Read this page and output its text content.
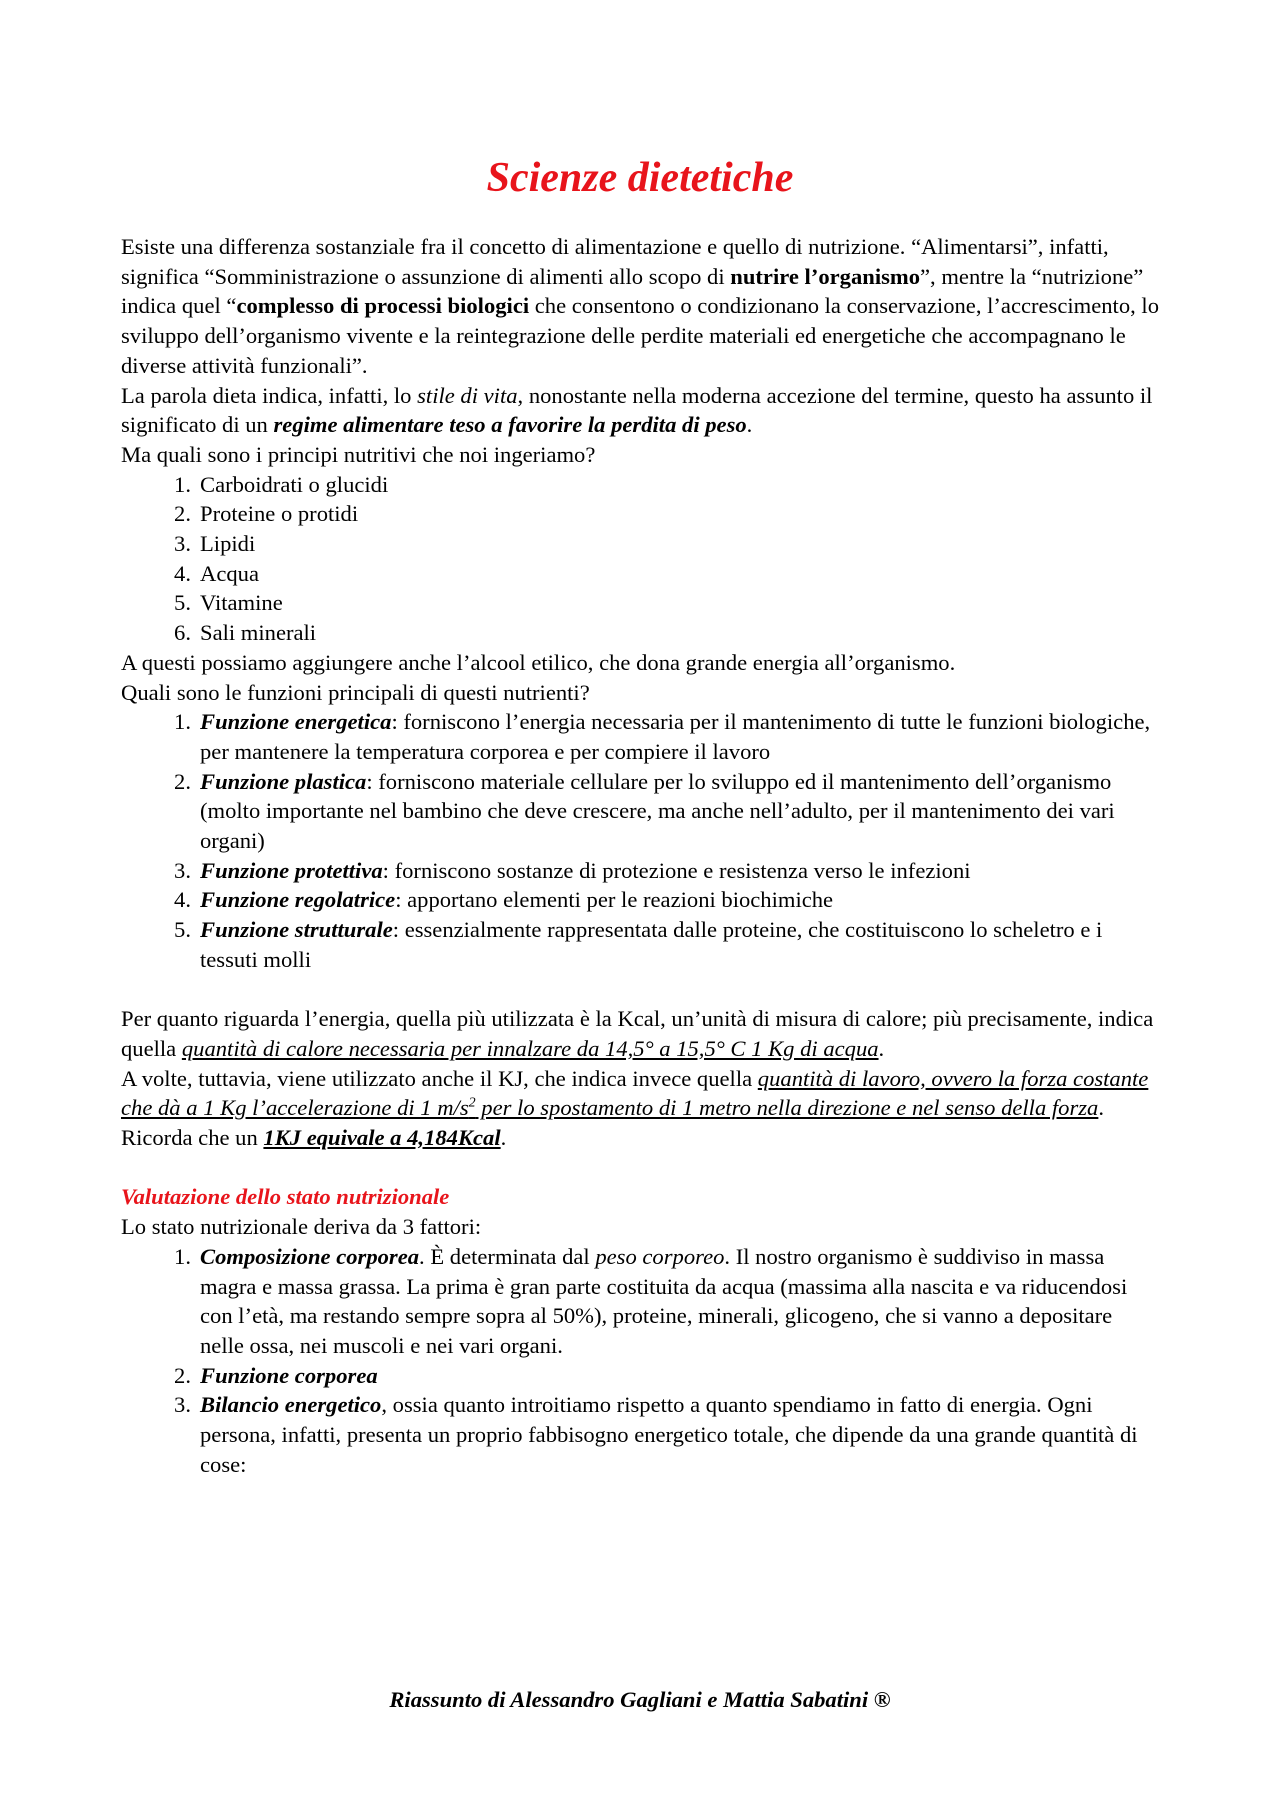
Scienze dietetiche

Esiste una differenza sostanziale fra il concetto di alimentazione e quello di nutrizione. “Alimentarsi”, infatti, significa “Somministrazione o assunzione di alimenti allo scopo di nutrire l’organismo”, mentre la “nutrizione” indica quel “complesso di processi biologici che consentono o condizionano la conservazione, l’accrescimento, lo sviluppo dell’organismo vivente e la reintegrazione delle perdite materiali ed energetiche che accompagnano le diverse attività funzionali”.

La parola dieta indica, infatti, lo stile di vita, nonostante nella moderna accezione del termine, questo ha assunto il significato di un regime alimentare teso a favorire la perdita di peso.

Ma quali sono i principi nutritivi che noi ingeriamo?

1. Carboidrati o glucidi
2. Proteine o protidi
3. Lipidi
4. Acqua
5. Vitamine
6. Sali minerali

A questi possiamo aggiungere anche l’alcool etilico, che dona grande energia all’organismo.

Quali sono le funzioni principali di questi nutrienti?

1. Funzione energetica: forniscono l’energia necessaria per il mantenimento di tutte le funzioni biologiche, per mantenere la temperatura corporea e per compiere il lavoro
2. Funzione plastica: forniscono materiale cellulare per lo sviluppo ed il mantenimento dell’organismo (molto importante nel bambino che deve crescere, ma anche nell’adulto, per il mantenimento dei vari organi)
3. Funzione protettiva: forniscono sostanze di protezione e resistenza verso le infezioni
4. Funzione regolatrice: apportano elementi per le reazioni biochimiche
5. Funzione strutturale: essenzialmente rappresentata dalle proteine, che costituiscono lo scheletro e i tessuti molli

Per quanto riguarda l’energia, quella più utilizzata è la Kcal, un’unità di misura di calore; più precisamente, indica quella quantità di calore necessaria per innalzare da 14,5° a 15,5° C 1 Kg di acqua.

A volte, tuttavia, viene utilizzato anche il KJ, che indica invece quella quantità di lavoro, ovvero la forza costante che dà a 1 Kg l’accelerazione di 1 $m/s^2$ per lo spostamento di 1 metro nella direzione e nel senso della forza.

Ricorda che un 1KJ equivale a 4,184Kcal.

Valutazione dello stato nutrizionale

Lo stato nutrizionale deriva da 3 fattori:

1. Composizione corporea. È determinata dal peso corporeo. Il nostro organismo è suddiviso in massa magra e massa grassa. La prima è gran parte costituita da acqua (massima alla nascita e va riducendosi con l’età, ma restando sempre sopra al 50%), proteine, minerali, glicogeno, che si vanno a depositare nelle ossa, nei muscoli e nei vari organi.
2. Funzione corporea
3. Bilancio energetico, ossia quanto introitiamo rispetto a quanto spendiamo in fatto di energia. Ogni persona, infatti, presenta un proprio fabbisogno energetico totale, che dipende da una grande quantità di cose:
Riassunto di Alessandro Gagliani e Mattia Sabatini ®
